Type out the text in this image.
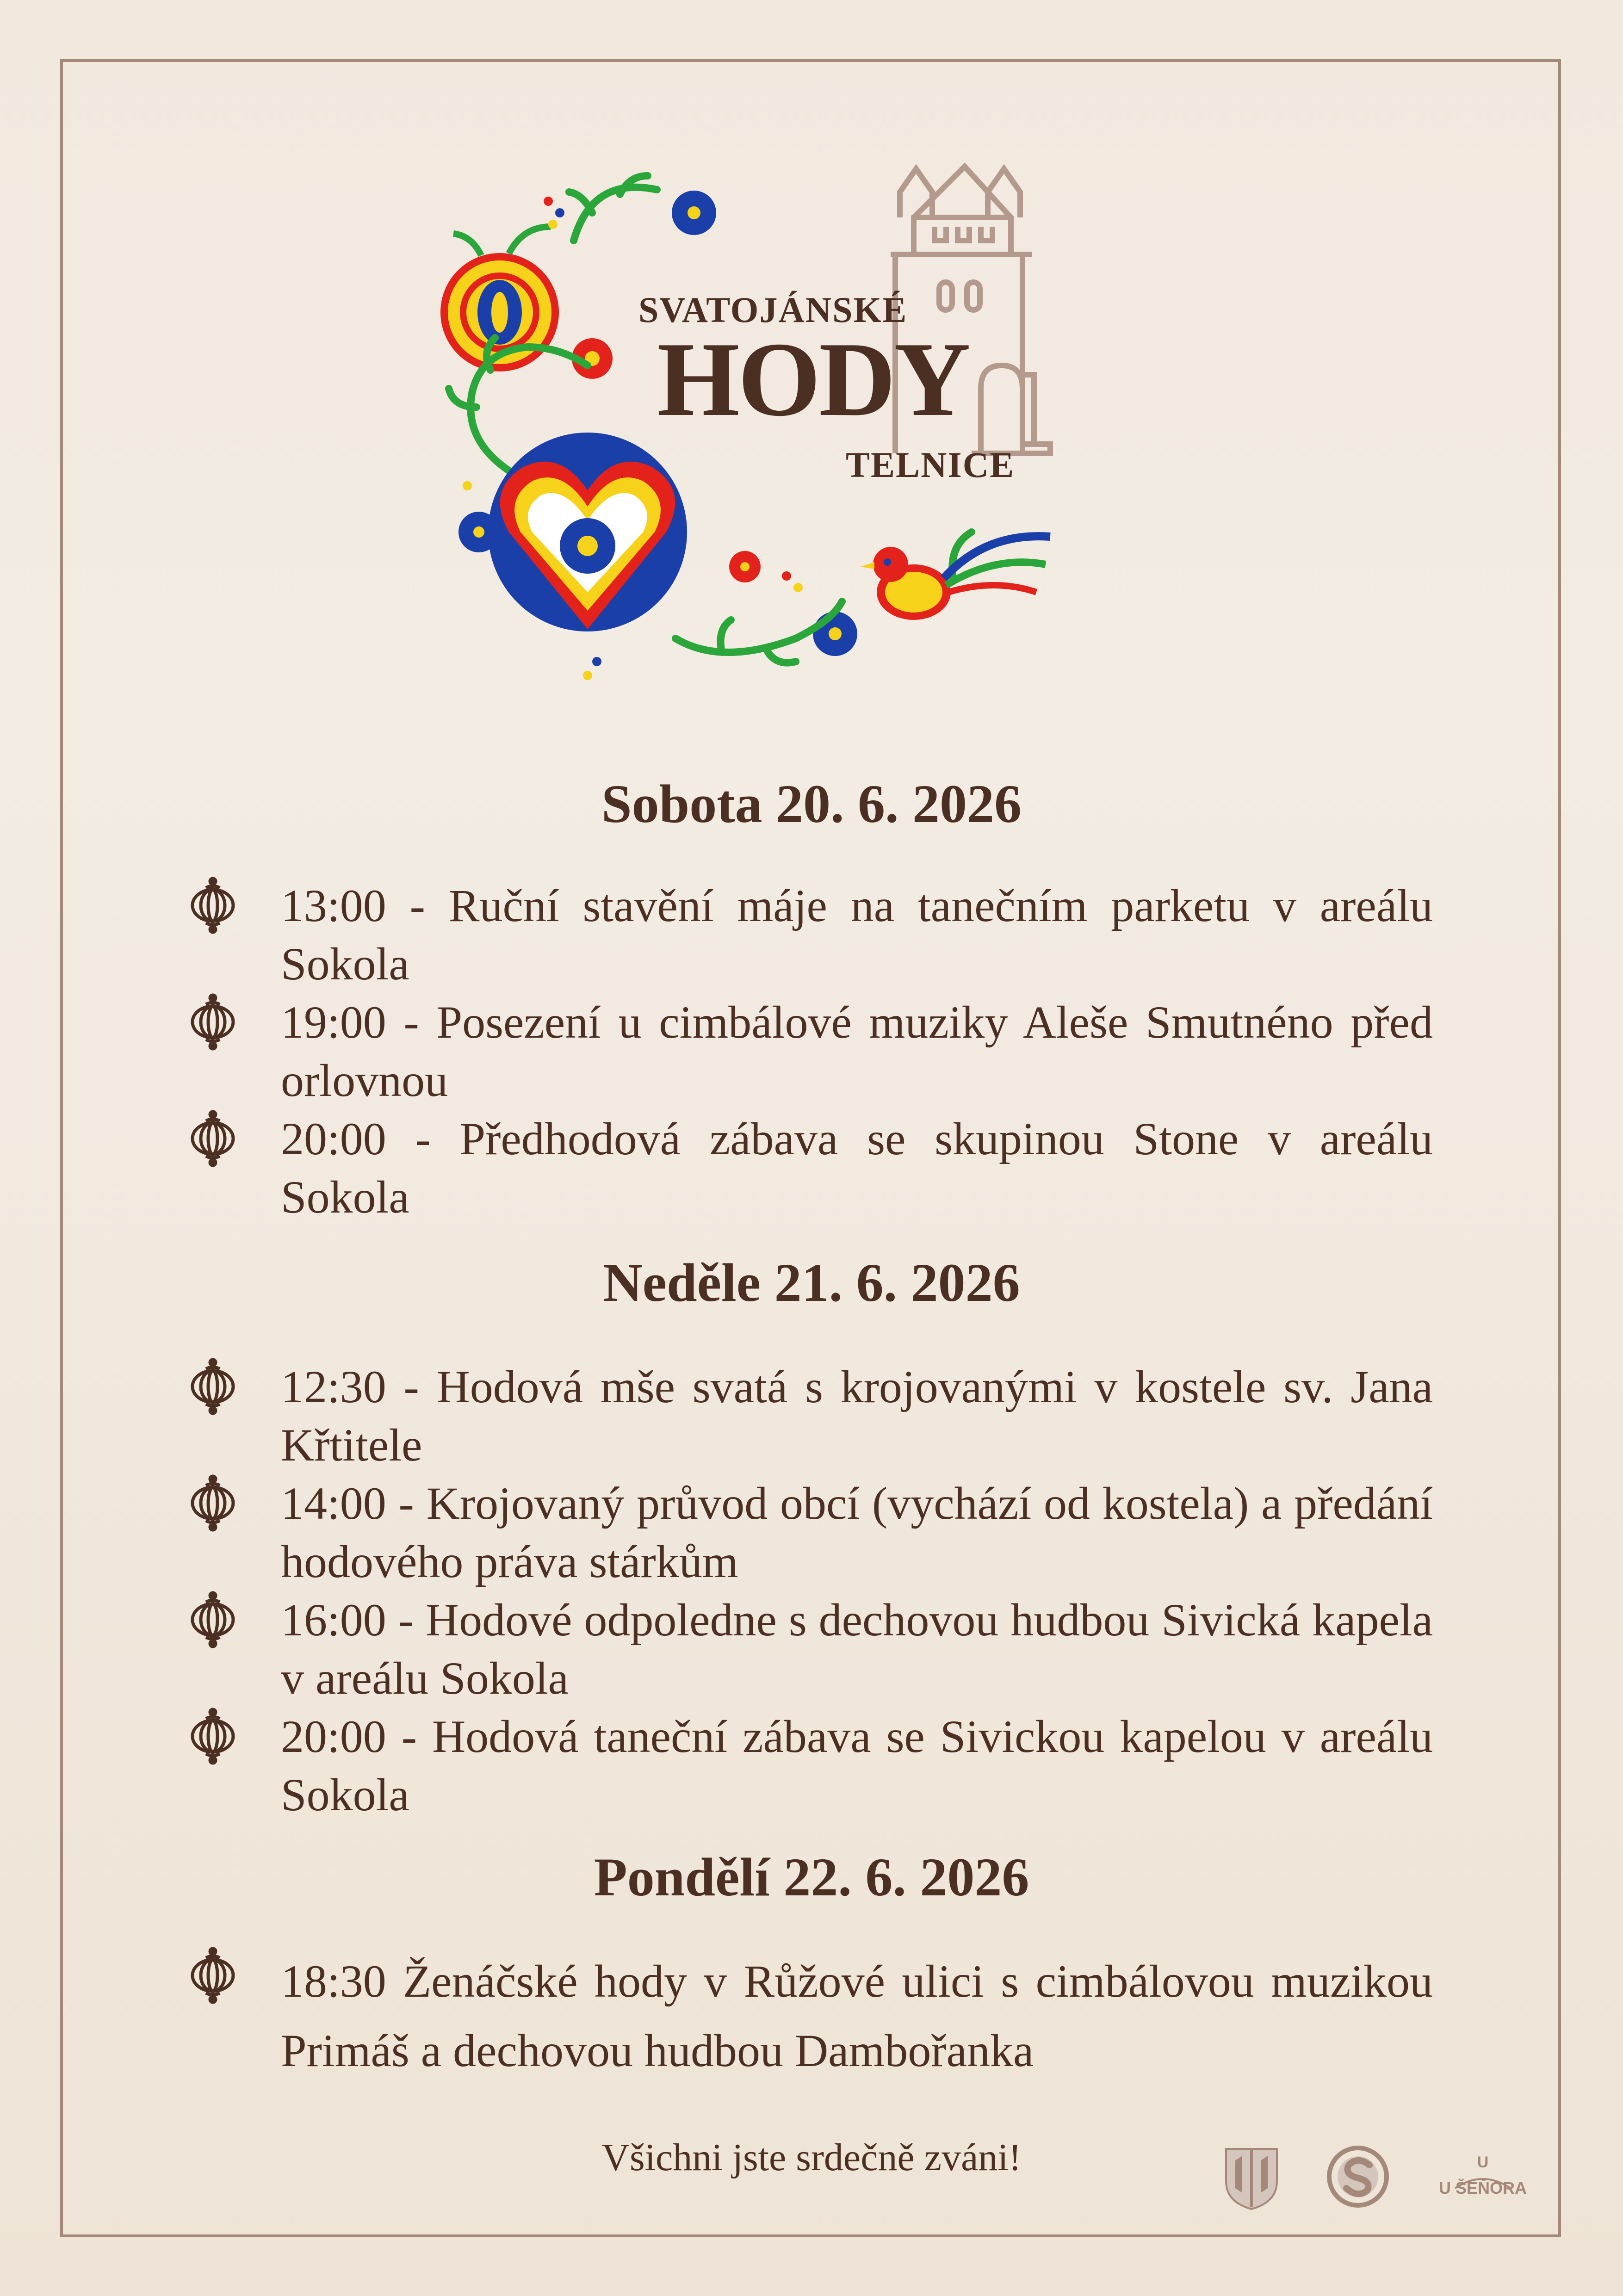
SVATOJÁNSKÉ
HODY
TELNICE
Sobota 20. 6. 2026
13:00 - Ruční stavění máje na tanečním parketu v areálu Sokola
19:00 - Posezení u cimbálové muziky Aleše Smutnéno před orlovnou
20:00 - Předhodová zábava se skupinou Stone v areálu Sokola
Neděle 21. 6. 2026
12:30 - Hodová mše svatá s krojovanými v kostele sv. Jana Křtitele
14:00 - Krojovaný průvod obcí (vychází od kostela) a předání hodového práva stárkům
16:00 - Hodové odpoledne s dechovou hudbou Sivická kapela v areálu Sokola
20:00 - Hodová taneční zábava se Sivickou kapelou v areálu Sokola
Pondělí 22. 6. 2026
18:30 Ženáčské hody v Růžové ulici s cimbálovou muzikou Primáš a dechovou hudbou Dambořanka
Všichni jste srdečně zváni!	U
U ŠEŇORA
